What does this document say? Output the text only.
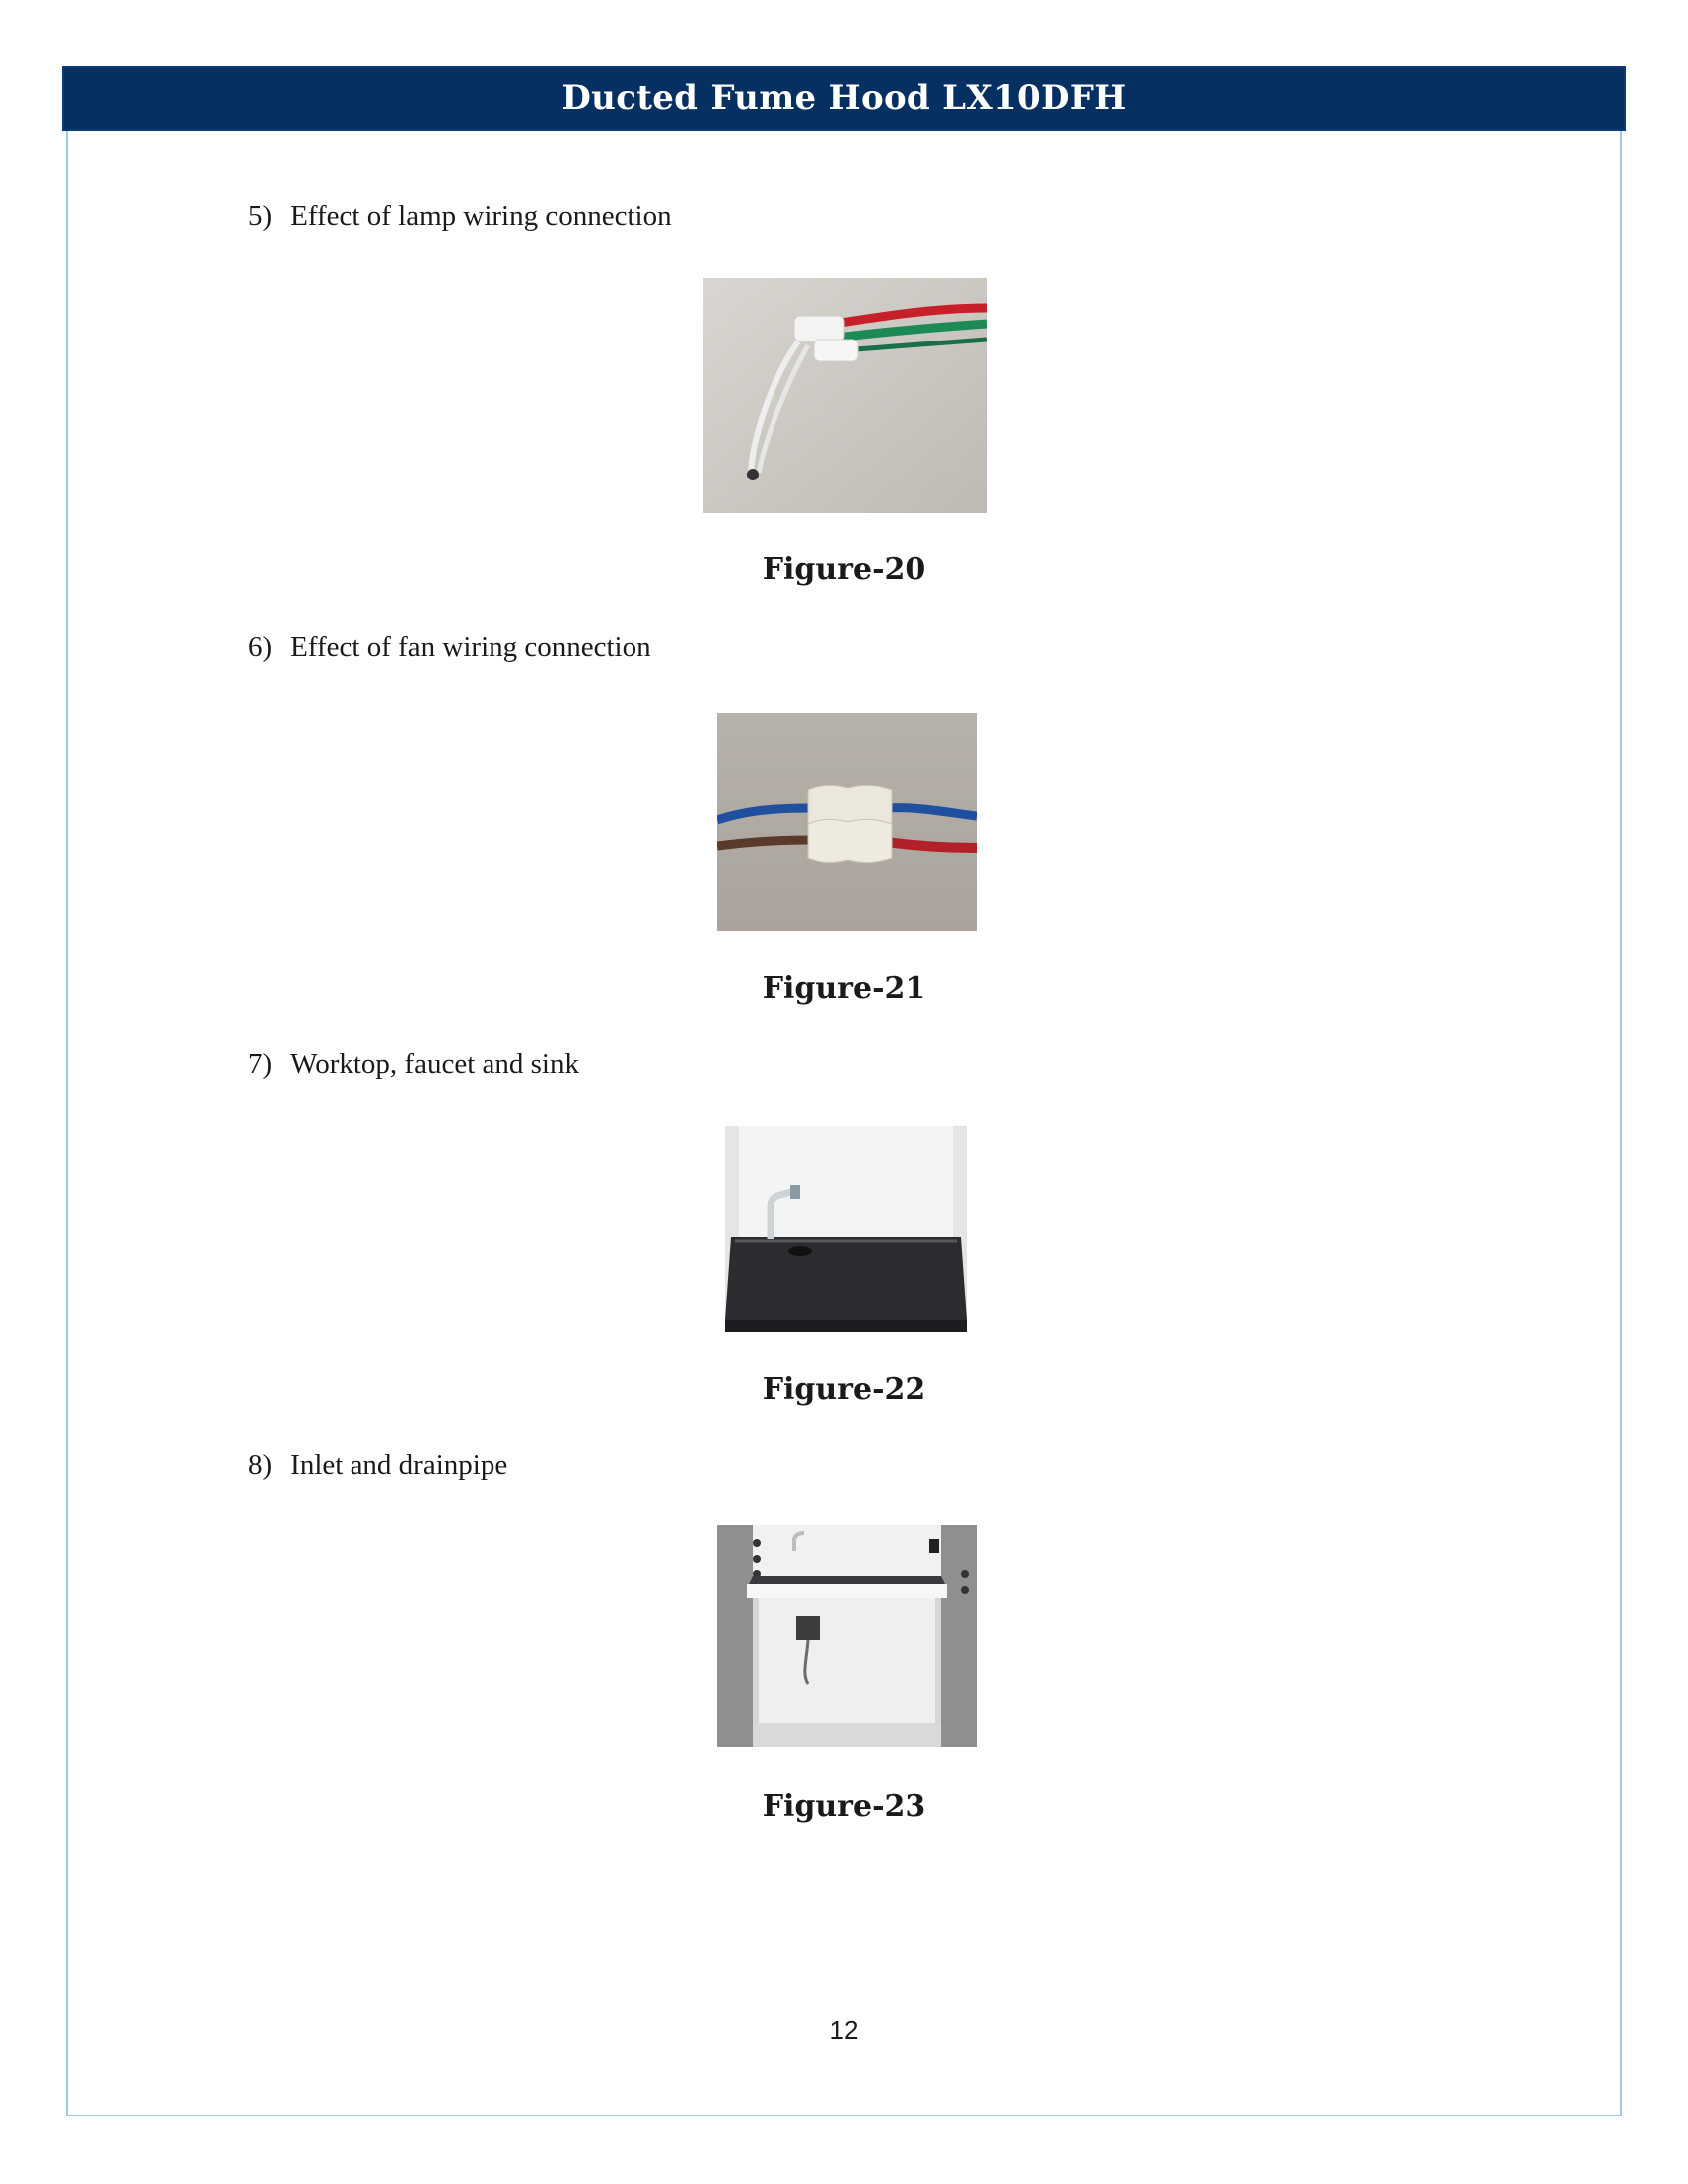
Ducted Fume Hood LX10DFH
5) Effect of lamp wiring connection
Figure-20
6) Effect of fan wiring connection
Figure-21
7) Worktop, faucet and sink
Figure-22
8) Inlet and drainpipe
Figure-23
12
